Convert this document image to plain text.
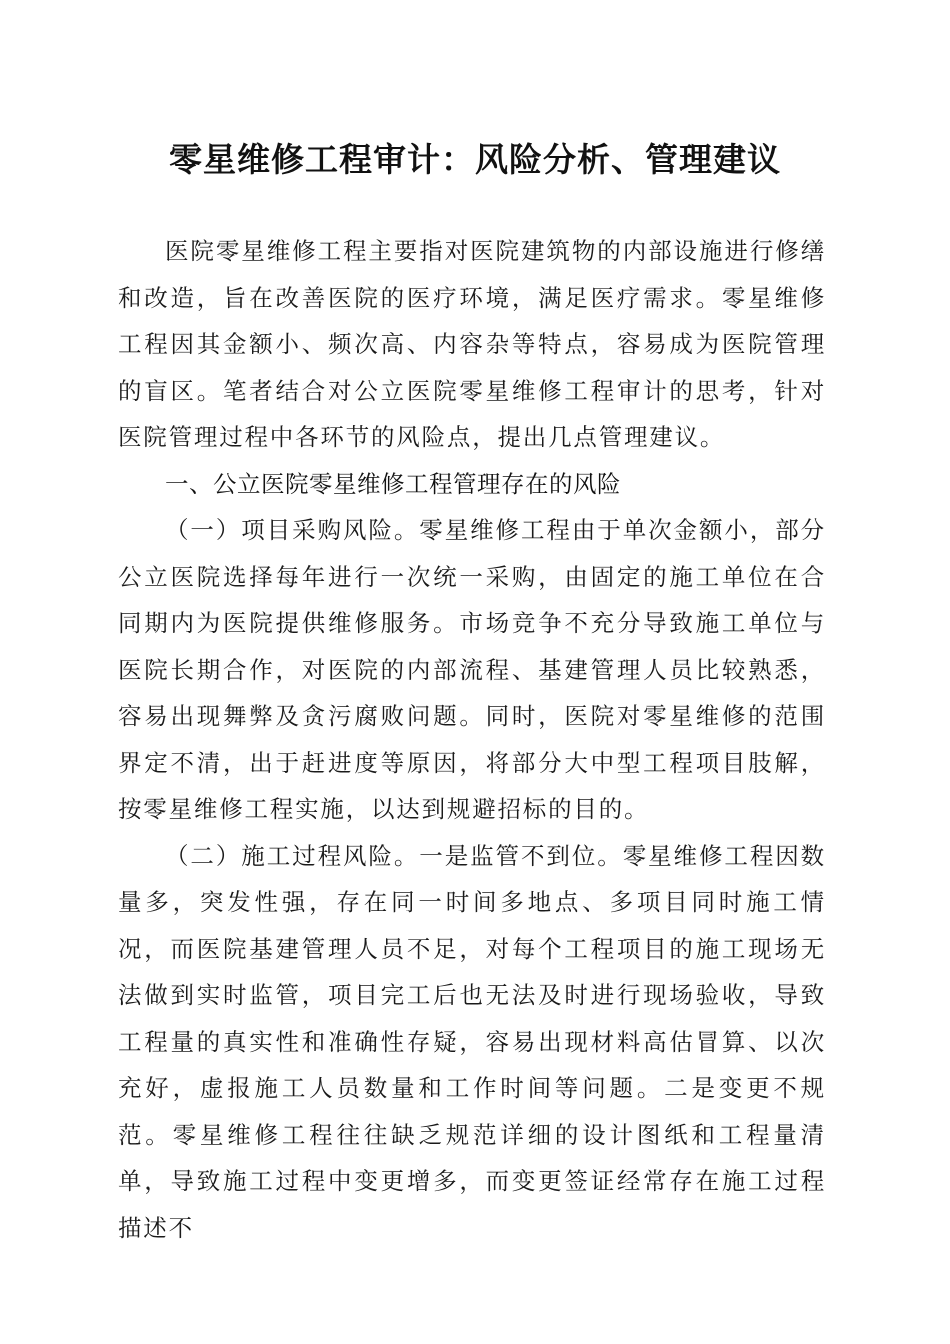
零星维修工程审计：风险分析、管理建议

医院零星维修工程主要指对医院建筑物的内部设施进行修缮和改造，旨在改善医院的医疗环境，满足医疗需求。零星维修工程因其金额小、频次高、内容杂等特点，容易成为医院管理的盲区。笔者结合对公立医院零星维修工程审计的思考，针对医院管理过程中各环节的风险点，提出几点管理建议。

一、公立医院零星维修工程管理存在的风险

（一）项目采购风险。零星维修工程由于单次金额小，部分公立医院选择每年进行一次统一采购，由固定的施工单位在合同期内为医院提供维修服务。市场竞争不充分导致施工单位与医院长期合作，对医院的内部流程、基建管理人员比较熟悉，容易出现舞弊及贪污腐败问题。同时，医院对零星维修的范围界定不清，出于赶进度等原因，将部分大中型工程项目肢解，按零星维修工程实施，以达到规避招标的目的。

（二）施工过程风险。一是监管不到位。零星维修工程因数量多，突发性强，存在同一时间多地点、多项目同时施工情况，而医院基建管理人员不足，对每个工程项目的施工现场无法做到实时监管，项目完工后也无法及时进行现场验收，导致工程量的真实性和准确性存疑，容易出现材料高估冒算、以次充好，虚报施工人员数量和工作时间等问题。二是变更不规范。零星维修工程往往缺乏规范详细的设计图纸和工程量清单，导致施工过程中变更增多，而变更签证经常存在施工过程描述不
